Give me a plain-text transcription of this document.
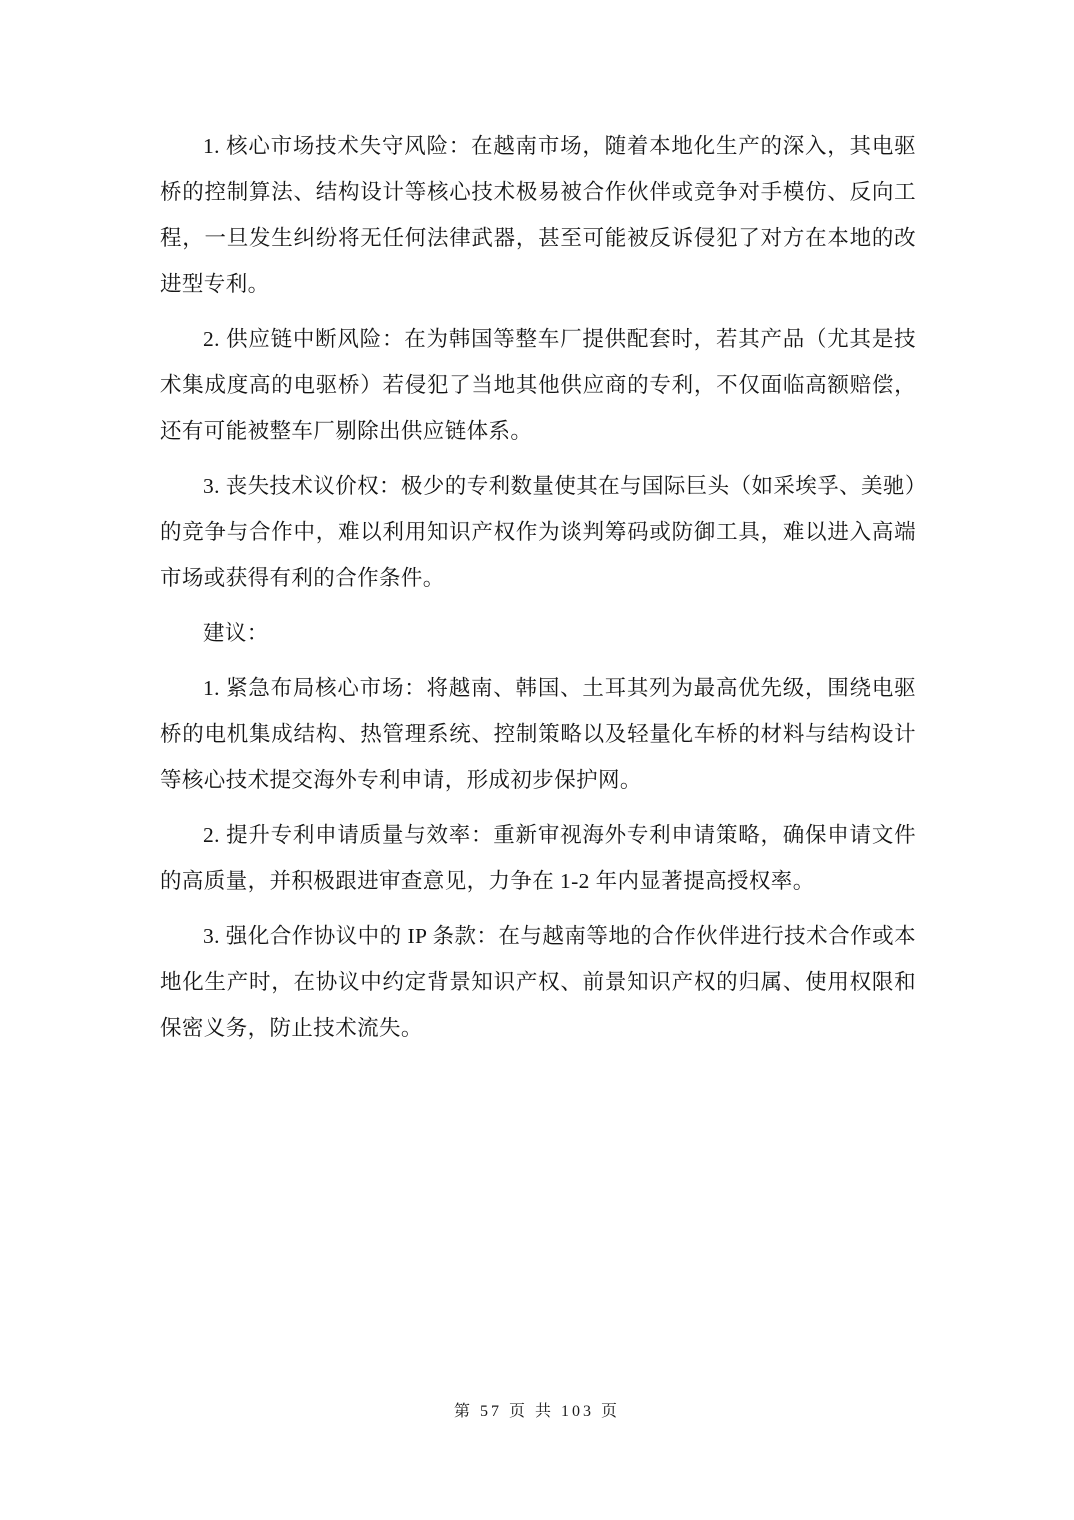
1. 核心市场技术失守风险：在越南市场，随着本地化生产的深入，其电驱桥的控制算法、结构设计等核心技术极易被合作伙伴或竞争对手模仿、反向工程，一旦发生纠纷将无任何法律武器，甚至可能被反诉侵犯了对方在本地的改进型专利。

2. 供应链中断风险：在为韩国等整车厂提供配套时，若其产品（尤其是技术集成度高的电驱桥）若侵犯了当地其他供应商的专利，不仅面临高额赔偿，还有可能被整车厂剔除出供应链体系。

3. 丧失技术议价权：极少的专利数量使其在与国际巨头（如采埃孚、美驰）的竞争与合作中，难以利用知识产权作为谈判筹码或防御工具，难以进入高端市场或获得有利的合作条件。

建议：

1. 紧急布局核心市场：将越南、韩国、土耳其列为最高优先级，围绕电驱桥的电机集成结构、热管理系统、控制策略以及轻量化车桥的材料与结构设计等核心技术提交海外专利申请，形成初步保护网。

2. 提升专利申请质量与效率：重新审视海外专利申请策略，确保申请文件的高质量，并积极跟进审查意见，力争在 1-2 年内显著提高授权率。

3. 强化合作协议中的 IP 条款：在与越南等地的合作伙伴进行技术合作或本地化生产时，在协议中约定背景知识产权、前景知识产权的归属、使用权限和保密义务，防止技术流失。

第 57 页 共 103 页
